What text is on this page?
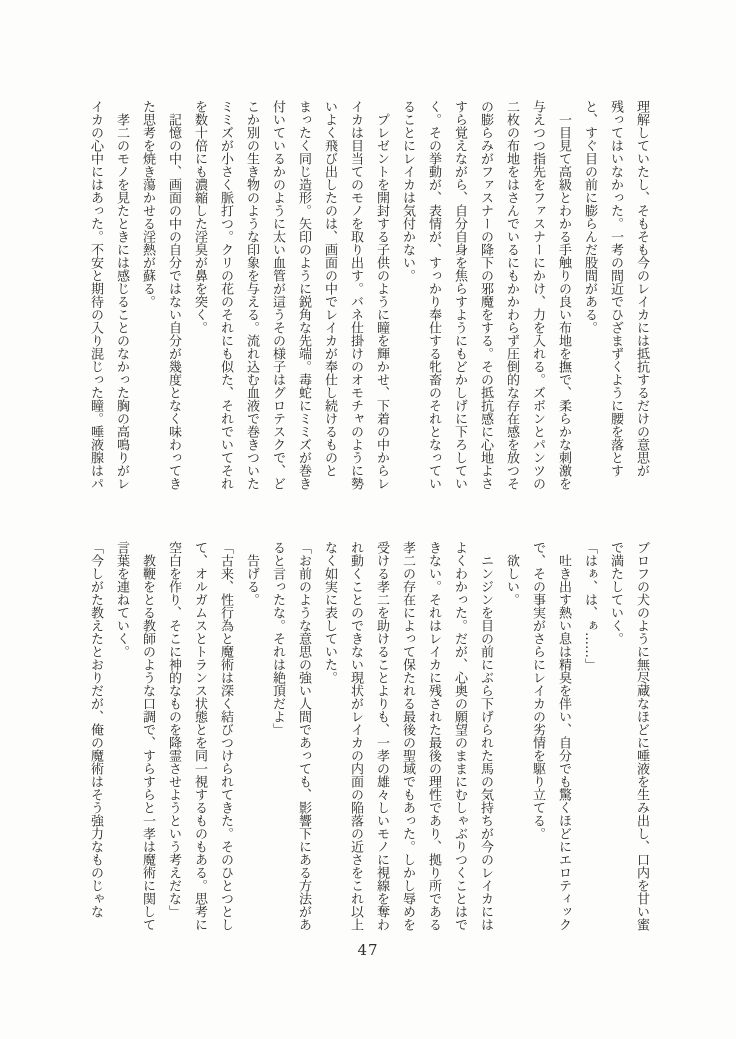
理解していたし、そもそも今のレイカには抵抗するだけの意思が残ってはいなかった。一考の間近でひざまずくように腰を落とすと、すぐ目の前に膨らんだ股間がある。

一目見て高級とわかる手触りの良い布地を撫で、柔らかな刺激を与えつつ指先をファスナーにかけ、力を入れる。ズボンとパンツの二枚の布地をはさんでいるにもかかわらず圧倒的な存在感を放つその膨らみがファスナーの降下の邪魔をする。その抵抗感に心地よさすら覚えながら、自分自身を焦らすようにもどかしげに下ろしていく。その挙動が、表情が、すっかり奉仕する牝畜のそれとなっていることにレイカは気付かない。

プレゼントを開封する子供のように瞳を輝かせ、下着の中からレイカは目当てのモノを取り出す。バネ仕掛けのオモチャのように勢いよく飛び出したのは、画面の中でレイカが奉仕し続けるものとまったく同じ造形。矢印のように鋭角な先端。毒蛇にミミズが巻き付いているかのように太い血管が這うその様子はグロテスクで、どこか別の生き物のような印象を与える。流れ込む血液で巻きついたミミズが小さく脈打つ。クリの花のそれにも似た、それでいてそれを数十倍にも濃縮した淫臭が鼻を突く。

記憶の中、画面の中の自分ではない自分が幾度となく味わってきた思考を焼き蕩かせる淫熱が蘇る。

孝二のモノを見たときには感じることのなかった胸の高鳴りがレイカの心中にはあった。不安と期待の入り混じった瞳。唾液腺はパ

ブロフの犬のように無尽蔵なほどに唾液を生み出し、口内を甘い蜜で満たしていく。

「はぁ、は、ぁ……」

吐き出す熱い息は精臭を伴い、自分でも驚くほどにエロティックで、その事実がさらにレイカの劣情を駆り立てる。

欲しい。

ニンジンを目の前にぶら下げられた馬の気持ちが今のレイカにはよくわかった。だが、心奥の願望のままにむしゃぶりつくことはできない。それはレイカに残された最後の理性であり、拠り所である孝二の存在によって保たれる最後の聖域でもあった。しかし辱めを受ける孝二を助けることよりも、一孝の雄々しいモノに視線を奪われ動くことのできない現状がレイカの内面の陥落の近さをこれ以上なく如実に表していた。

「お前のような意思の強い人間であっても、影響下にある方法があると言ったな。それは絶頂だよ」

告げる。

「古来、性行為と魔術は深く結びつけられてきた。そのひとつとして、オルガムスとトランス状態とを同一視するものもある。思考に空白を作り、そこに神的なものを降霊させようという考えだな」

教鞭をとる教師のような口調で、すらすらと一孝は魔術に関して言葉を連ねていく。

「今しがた教えたとおりだが、俺の魔術はそう強力なものじゃな

47
